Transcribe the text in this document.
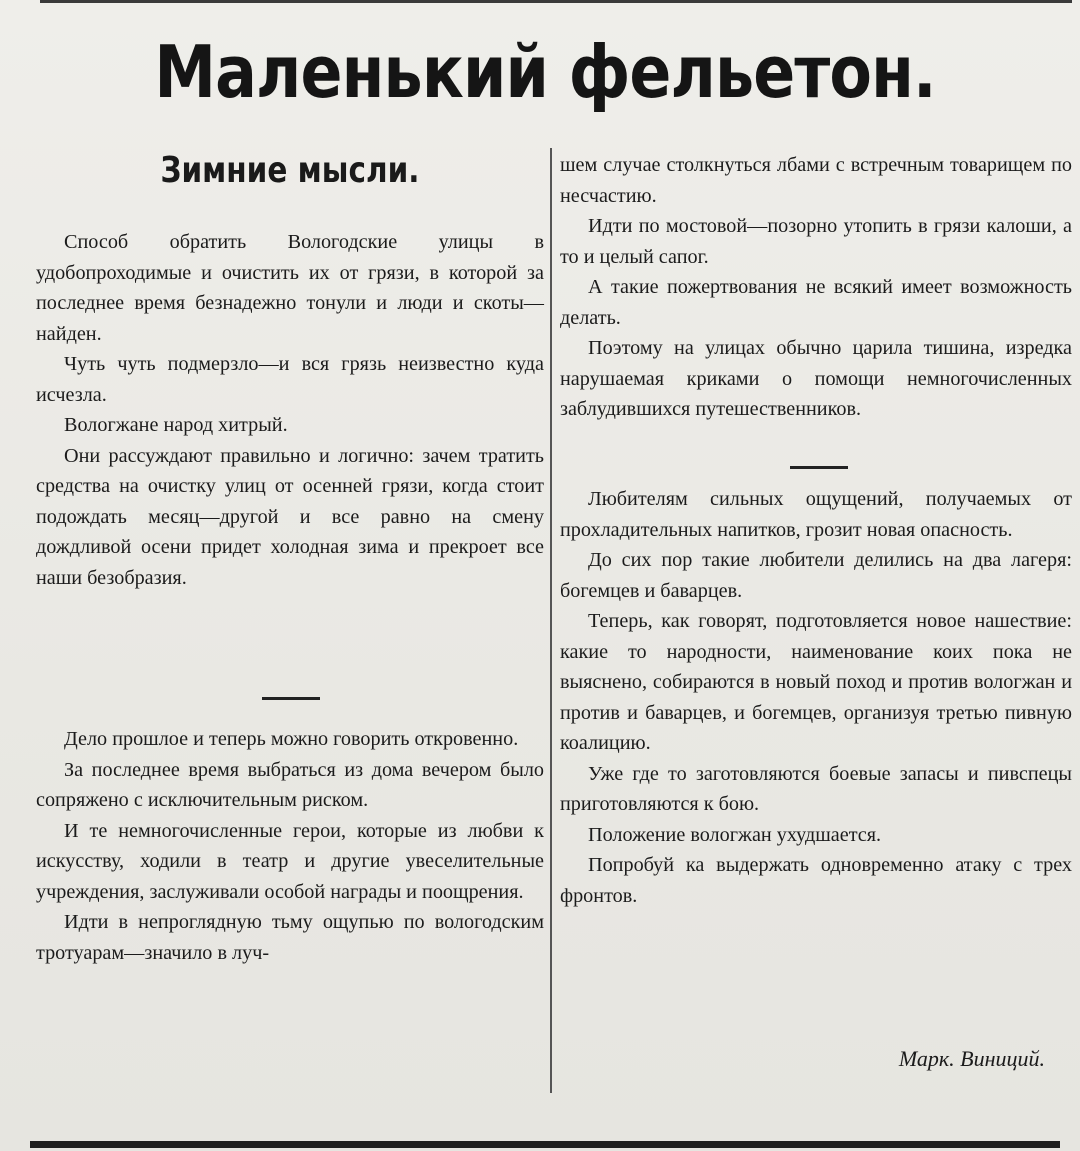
Маленький фельетон.
Зимние мысли.

Способ обратить Вологодские улицы в удобопроходимые и очистить их от грязи, в которой за последнее время безнадежно тонули и люди и скоты— найден.

Чуть чуть подмерзло—и вся грязь неизвестно куда исчезла.

Вологжане народ хитрый.

Они рассуждают правильно и логично: зачем тратить средства на очистку улиц от осенней грязи, когда стоит подождать месяц—другой и все равно на смену дождливой осени придет холодная зима и прекроет все наши безобразия.

Дело прошлое и теперь можно говорить откровенно.

За последнее время выбраться из дома вечером было сопряжено с исключительным риском.

И те немногочисленные герои, которые из любви к искусству, ходили в театр и другие увеселительные учреждения, заслуживали особой награды и поощрения.

Идти в непроглядную тьму ощупью по вологодским тротуарам—значило в луч-

шем случае столкнуться лбами с встречным товарищем по несчастию.

Идти по мостовой—позорно утопить в грязи калоши, а то и целый сапог.

А такие пожертвования не всякий имеет возможность делать.

Поэтому на улицах обычно царила тишина, изредка нарушаемая криками о помощи немногочисленных заблудившихся путешественников.

Любителям сильных ощущений, получаемых от прохладительных напитков, грозит новая опасность.

До сих пор такие любители делились на два лагеря: богемцев и баварцев.

Теперь, как говорят, подготовляется новое нашествие: какие то народности, наименование коих пока не выяснено, собираются в новый поход и против вологжан и против и баварцев, и богемцев, организуя третью пивную коалицию.

Уже где то заготовляются боевые запасы и пивспецы приготовляются к бою.

Положение вологжан ухудшается.

Попробуй ка выдержать одновременно атаку с трех фронтов.

Марк. Виниций.
